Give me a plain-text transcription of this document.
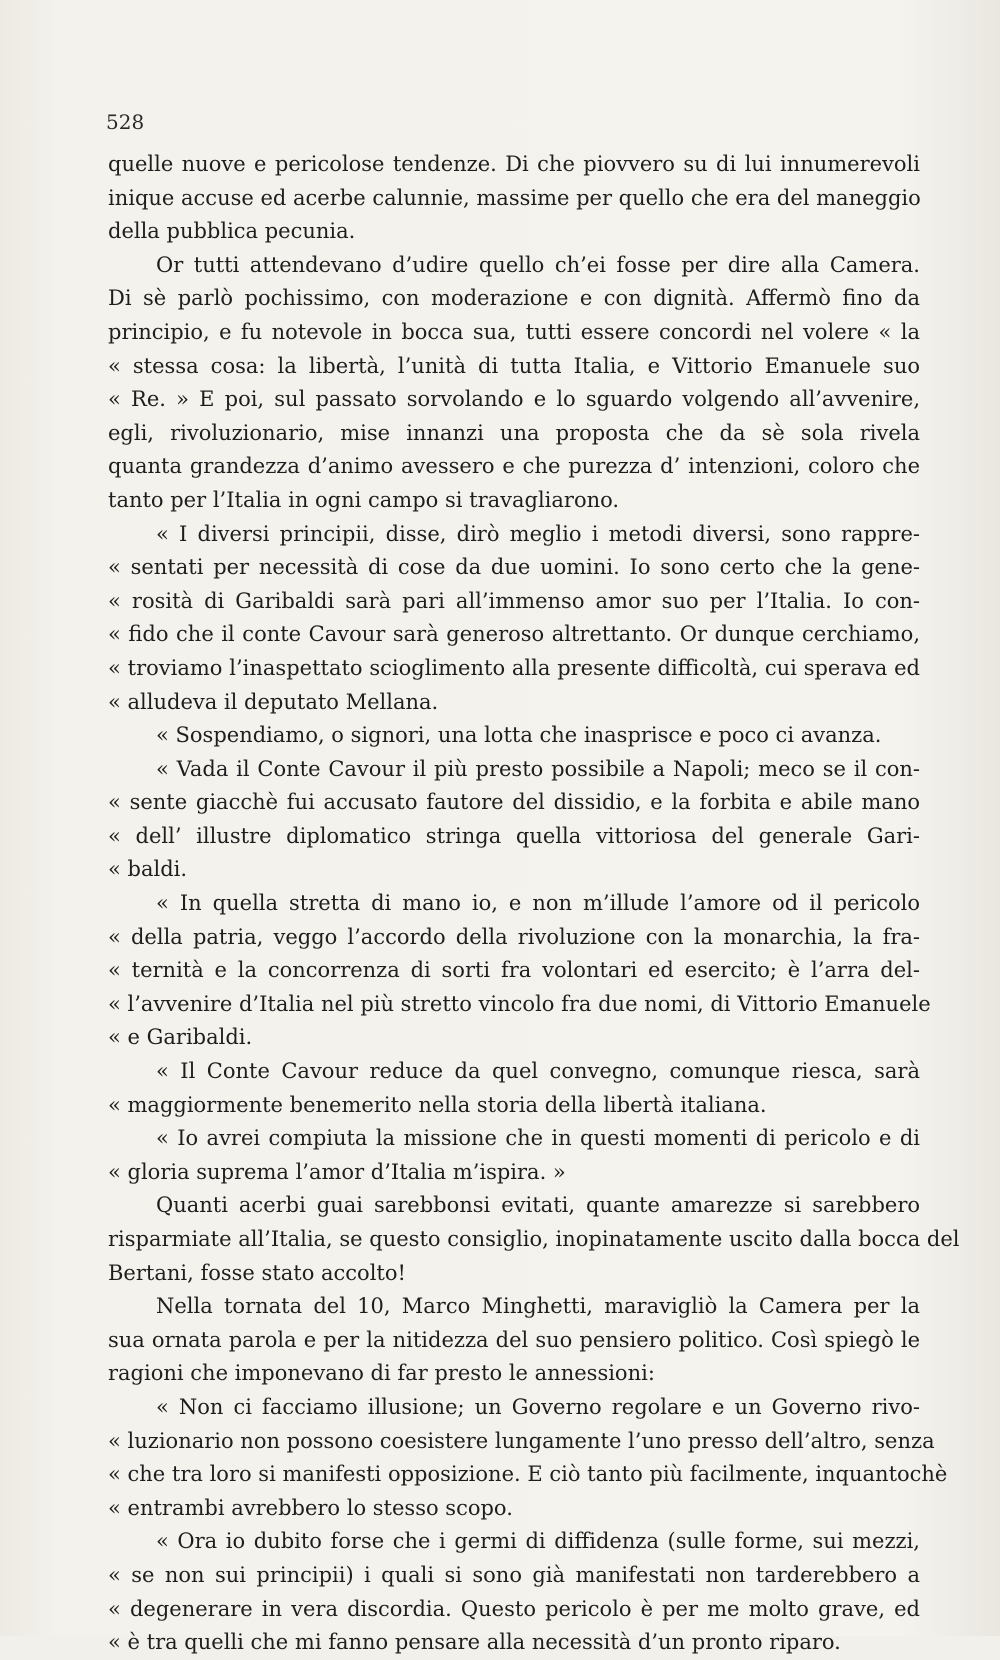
528
quelle nuove e pericolose tendenze. Di che piovvero su di lui innumerevoli
inique accuse ed acerbe calunnie, massime per quello che era del maneggio
della pubblica pecunia.
Or tutti attendevano d’udire quello ch’ei fosse per dire alla Camera.
Di sè parlò pochissimo, con moderazione e con dignità. Affermò fino da
principio, e fu notevole in bocca sua, tutti essere concordi nel volere « la
« stessa cosa: la libertà, l’unità di tutta Italia, e Vittorio Emanuele suo
« Re. » E poi, sul passato sorvolando e lo sguardo volgendo all’avvenire,
egli, rivoluzionario, mise innanzi una proposta che da sè sola rivela
quanta grandezza d’animo avessero e che purezza d’ intenzioni, coloro che
tanto per l’Italia in ogni campo si travagliarono.
« I diversi principii, disse, dirò meglio i metodi diversi, sono rappre-
« sentati per necessità di cose da due uomini. Io sono certo che la gene-
« rosità di Garibaldi sarà pari all’immenso amor suo per l’Italia. Io con-
« fido che il conte Cavour sarà generoso altrettanto. Or dunque cerchiamo,
« troviamo l’inaspettato scioglimento alla presente difficoltà, cui sperava ed
« alludeva il deputato Mellana.
« Sospendiamo, o signori, una lotta che inasprisce e poco ci avanza.
« Vada il Conte Cavour il più presto possibile a Napoli; meco se il con-
« sente giacchè fui accusato fautore del dissidio, e la forbita e abile mano
« dell’ illustre diplomatico stringa quella vittoriosa del generale Gari-
« baldi.
« In quella stretta di mano io, e non m’illude l’amore od il pericolo
« della patria, veggo l’accordo della rivoluzione con la monarchia, la fra-
« ternità e la concorrenza di sorti fra volontari ed esercito; è l’arra del-
« l’avvenire d’Italia nel più stretto vincolo fra due nomi, di Vittorio Emanuele
« e Garibaldi.
« Il Conte Cavour reduce da quel convegno, comunque riesca, sarà
« maggiormente benemerito nella storia della libertà italiana.
« Io avrei compiuta la missione che in questi momenti di pericolo e di
« gloria suprema l’amor d’Italia m’ispira. »
Quanti acerbi guai sarebbonsi evitati, quante amarezze si sarebbero
risparmiate all’Italia, se questo consiglio, inopinatamente uscito dalla bocca del
Bertani, fosse stato accolto!
Nella tornata del 10, Marco Minghetti, maravigliò la Camera per la
sua ornata parola e per la nitidezza del suo pensiero politico. Così spiegò le
ragioni che imponevano di far presto le annessioni:
« Non ci facciamo illusione; un Governo regolare e un Governo rivo-
« luzionario non possono coesistere lungamente l’uno presso dell’altro, senza
« che tra loro si manifesti opposizione. E ciò tanto più facilmente, inquantochè
« entrambi avrebbero lo stesso scopo.
« Ora io dubito forse che i germi di diffidenza (sulle forme, sui mezzi,
« se non sui principii) i quali si sono già manifestati non tarderebbero a
« degenerare in vera discordia. Questo pericolo è per me molto grave, ed
« è tra quelli che mi fanno pensare alla necessità d’un pronto riparo.
